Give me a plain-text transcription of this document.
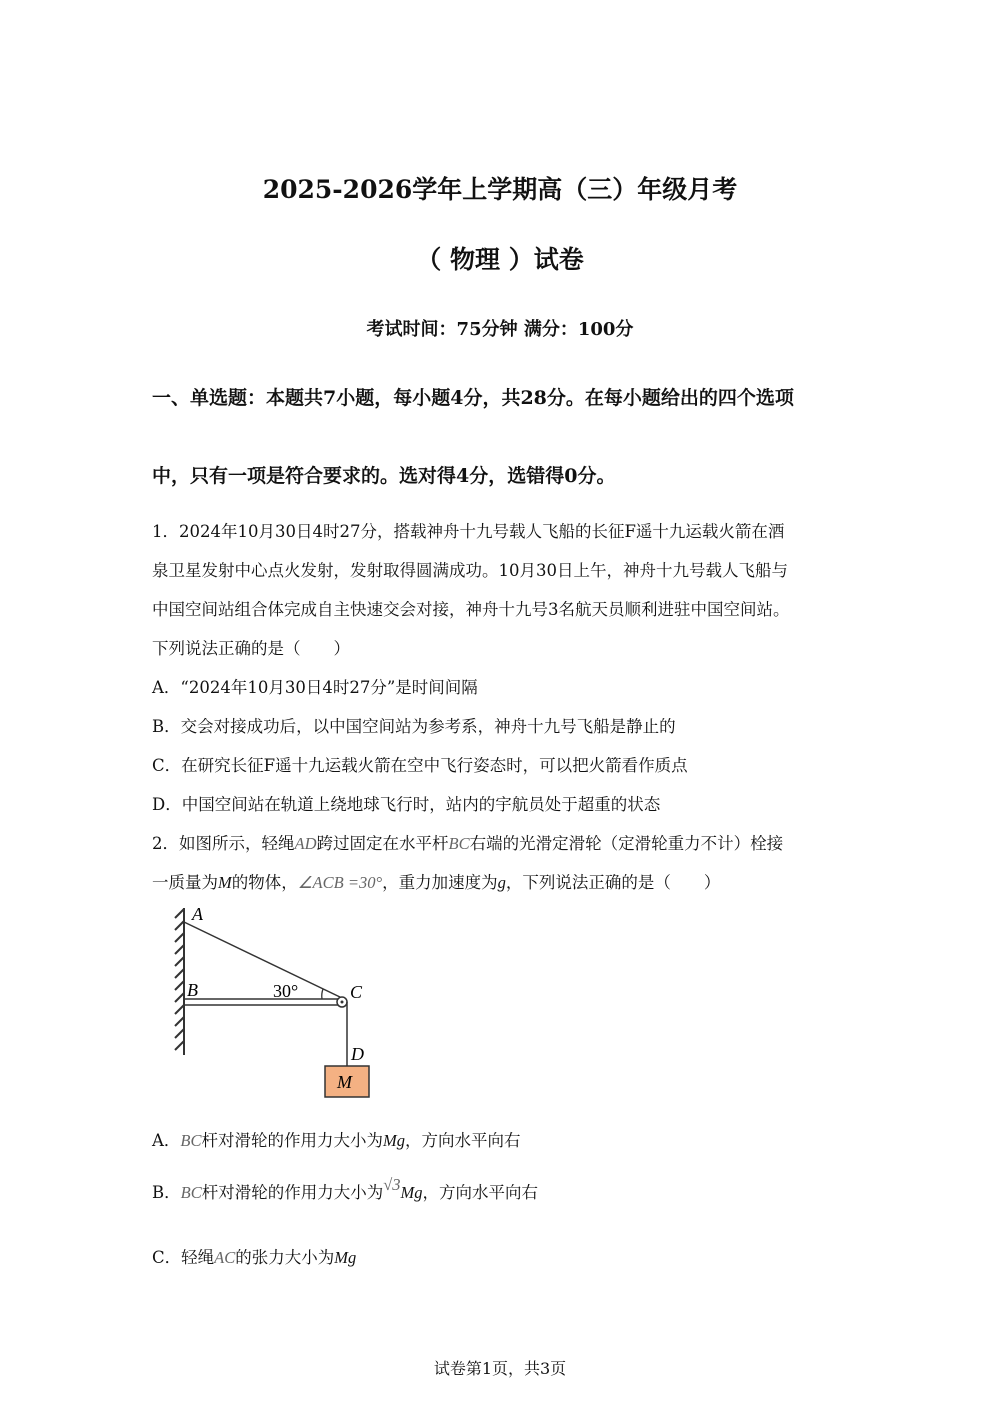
2025-2026学年上学期高（三）年级月考
（ 物理 ）试卷
考试时间：75分钟 满分：100分
一、单选题：本题共7小题，每小题4分，共28分。在每小题给出的四个选项
中，只有一项是符合要求的。选对得4分，选错得0分。
1．2024年10月30日4时27分，搭载神舟十九号载人飞船的长征F遥十九运载火箭在酒
泉卫星发射中心点火发射，发射取得圆满成功。10月30日上午，神舟十九号载人飞船与
中国空间站组合体完成自主快速交会对接，神舟十九号3名航天员顺利进驻中国空间站。
下列说法正确的是（　　）
A．“2024年10月30日4时27分”是时间间隔
B．交会对接成功后，以中国空间站为参考系，神舟十九号飞船是静止的
C．在研究长征F遥十九运载火箭在空中飞行姿态时，可以把火箭看作质点
D．中国空间站在轨道上绕地球飞行时，站内的宇航员处于超重的状态
2．如图所示，轻绳AD跨过固定在水平杆BC右端的光滑定滑轮（定滑轮重力不计）栓接
一质量为M的物体，∠ACB =30°，重力加速度为g，下列说法正确的是（　　）
A
B	C
D
M
30°
A．BC杆对滑轮的作用力大小为Mg，方向水平向右
B．BC杆对滑轮的作用力大小为√3Mg，方向水平向右
C．轻绳AC的张力大小为Mg
试卷第1页，共3页
